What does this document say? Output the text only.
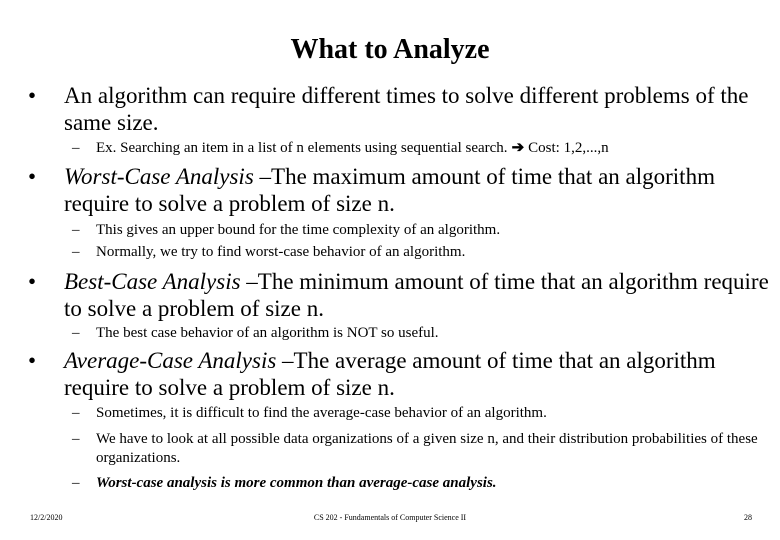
What to Analyze
• An algorithm can require different times to solve different problems of the same size.
– Ex. Searching an item in a list of n elements using sequential search. ➔ Cost: 1,2,...,n
• Worst-Case Analysis –The maximum amount of time that an algorithm require to solve a problem of size n.
– This gives an upper bound for the time complexity of an algorithm.
– Normally, we try to find worst-case behavior of an algorithm.
• Best-Case Analysis –The minimum amount of time that an algorithm require to solve a problem of size n.
– The best case behavior of an algorithm is NOT so useful.
• Average-Case Analysis –The average amount of time that an algorithm require to solve a problem of size n.
– Sometimes, it is difficult to find the average-case behavior of an algorithm.
– We have to look at all possible data organizations of a given size n, and their distribution probabilities of these organizations.
– Worst-case analysis is more common than average-case analysis.
12/2/2020	CS 202 - Fundamentals of Computer Science II	28
